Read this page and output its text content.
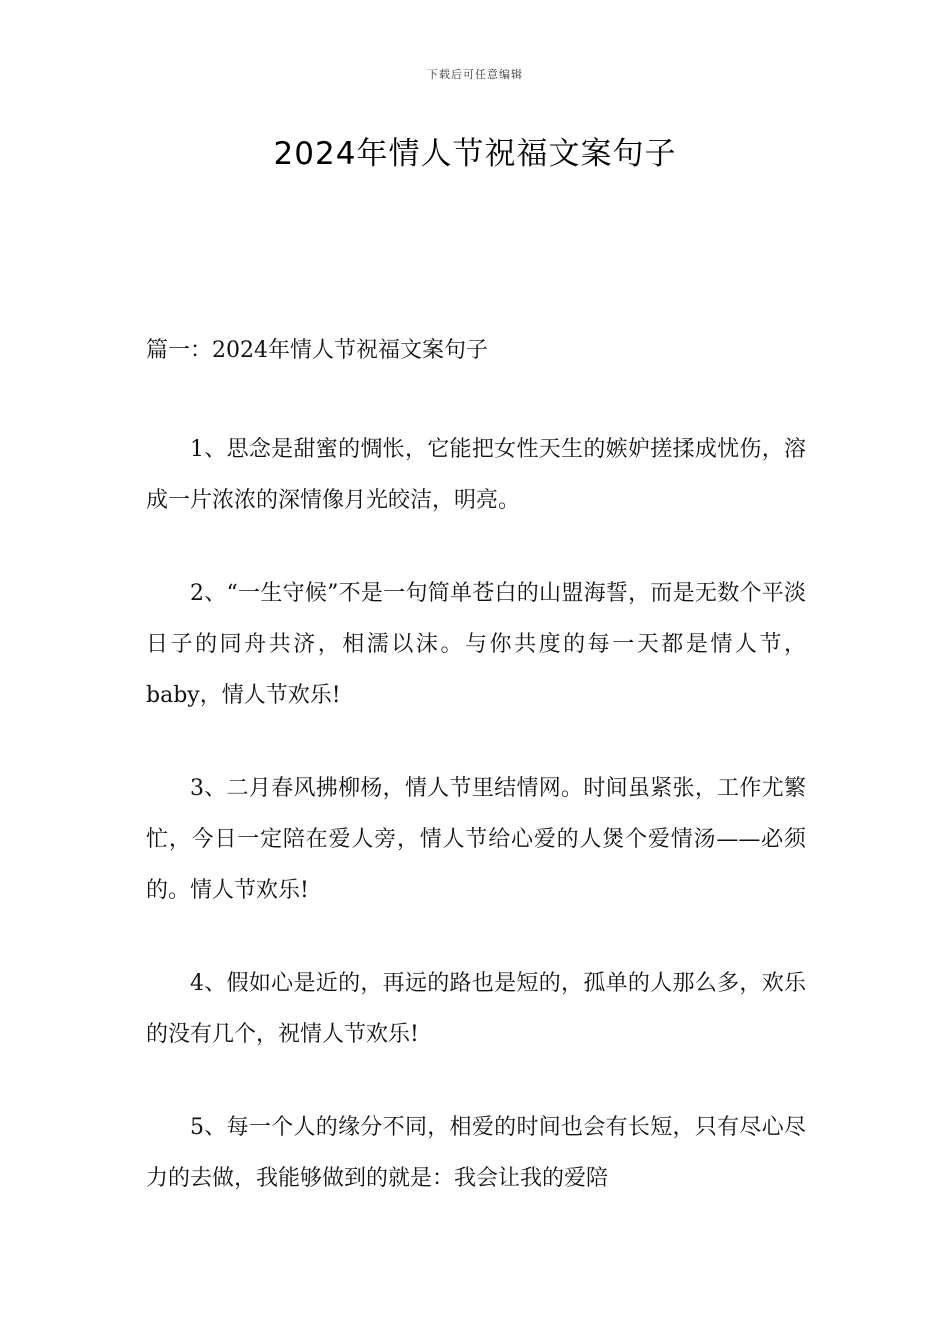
下载后可任意编辑
2024年情人节祝福文案句子
篇一：2024年情人节祝福文案句子

1、思念是甜蜜的惆怅，它能把女性天生的嫉妒搓揉成忧伤，溶成一片浓浓的深情像月光皎洁，明亮。

2、“一生守候”不是一句简单苍白的山盟海誓，而是无数个平淡日子的同舟共济，相濡以沫。与你共度的每一天都是情人节，baby，情人节欢乐!

3、二月春风拂柳杨，情人节里结情网。时间虽紧张，工作尤繁忙，今日一定陪在爱人旁，情人节给心爱的人煲个爱情汤——必须的。情人节欢乐!

4、假如心是近的，再远的路也是短的，孤单的人那么多，欢乐的没有几个，祝情人节欢乐!

5、每一个人的缘分不同，相爱的时间也会有长短，只有尽心尽力的去做，我能够做到的就是：我会让我的爱陪
